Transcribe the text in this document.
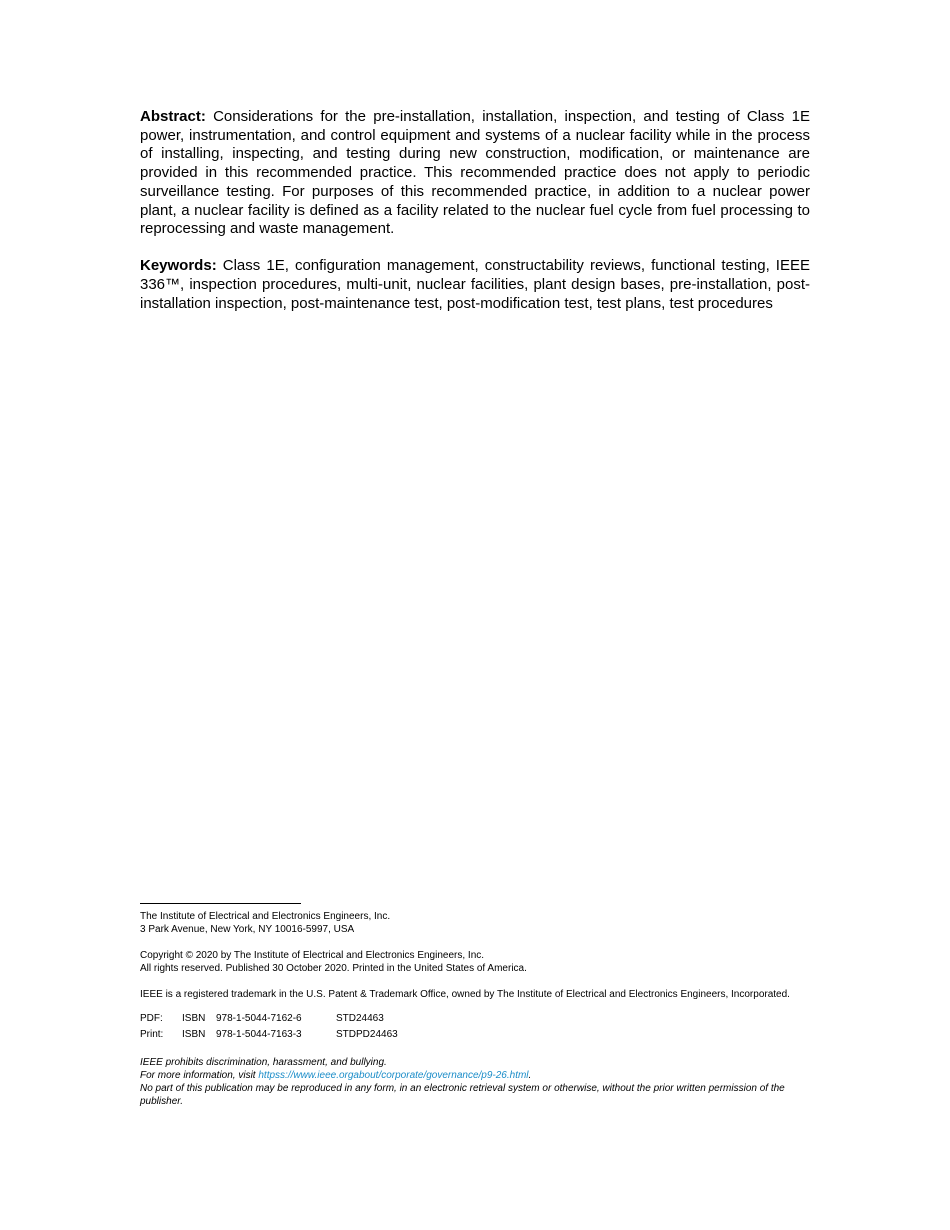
Abstract: Considerations for the pre-installation, installation, inspection, and testing of Class 1E power, instrumentation, and control equipment and systems of a nuclear facility while in the process of installing, inspecting, and testing during new construction, modification, or maintenance are provided in this recommended practice. This recommended practice does not apply to periodic surveillance testing. For purposes of this recommended practice, in addition to a nuclear power plant, a nuclear facility is defined as a facility related to the nuclear fuel cycle from fuel processing to reprocessing and waste management.

Keywords: Class 1E, configuration management, constructability reviews, functional testing, IEEE 336™, inspection procedures, multi-unit, nuclear facilities, plant design bases, pre-installation, post-installation inspection, post-maintenance test, post-modification test, test plans, test procedures

The Institute of Electrical and Electronics Engineers, Inc.

3 Park Avenue, New York, NY 10016-5997, USA

Copyright © 2020 by The Institute of Electrical and Electronics Engineers, Inc.

All rights reserved. Published 30 October 2020. Printed in the United States of America.

IEEE is a registered trademark in the U.S. Patent & Trademark Office, owned by The Institute of Electrical and Electronics Engineers, Incorporated.

PDF:	ISBN	978-1-5044-7162-6	STD24463
Print:	ISBN	978-1-5044-7163-3	STDPD24463

IEEE prohibits discrimination, harassment, and bullying.

For more information, visit httpss://www.ieee.orgabout/corporate/governance/p9-26.html.

No part of this publication may be reproduced in any form, in an electronic retrieval system or otherwise, without the prior written permission of the publisher.
